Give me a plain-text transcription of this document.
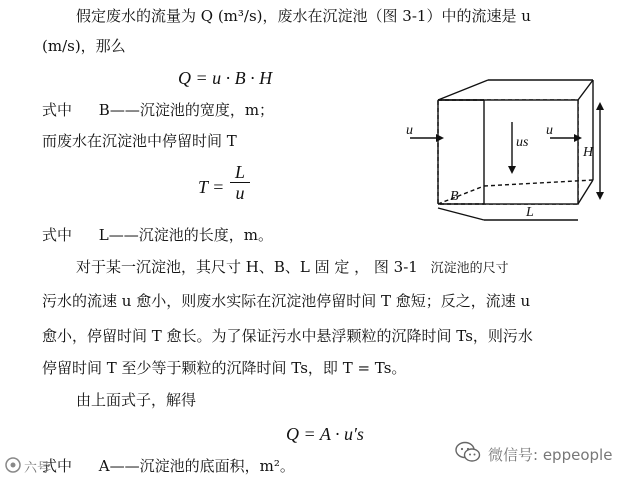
假定废水的流量为 Q (m³/s)，废水在沉淀池（图 3-1）中的流速是 u
(m/s)，那么
Q = u · B · H
式中 B——沉淀池的宽度，m；
而废水在沉淀池中停留时间 T
T =
L
u
式中 L——沉淀池的长度，m。
对于某一沉淀池，其尺寸 H、B、L 固 定 ， 图 3-1 沉淀池的尺寸
污水的流速 u 愈小，则废水实际在沉淀池停留时间 T 愈短；反之，流速 u
愈小，停留时间 T 愈长。为了保证污水中悬浮颗粒的沉降时间 Ts，则污水
停留时间 T 至少等于颗粒的沉降时间 Ts，即 T = Ts。
由上面式子，解得
Q = A · u′s
式中 A——沉淀池的底面积，m²。
u
us
u
H
B
L
六号
微信号: eppeople
